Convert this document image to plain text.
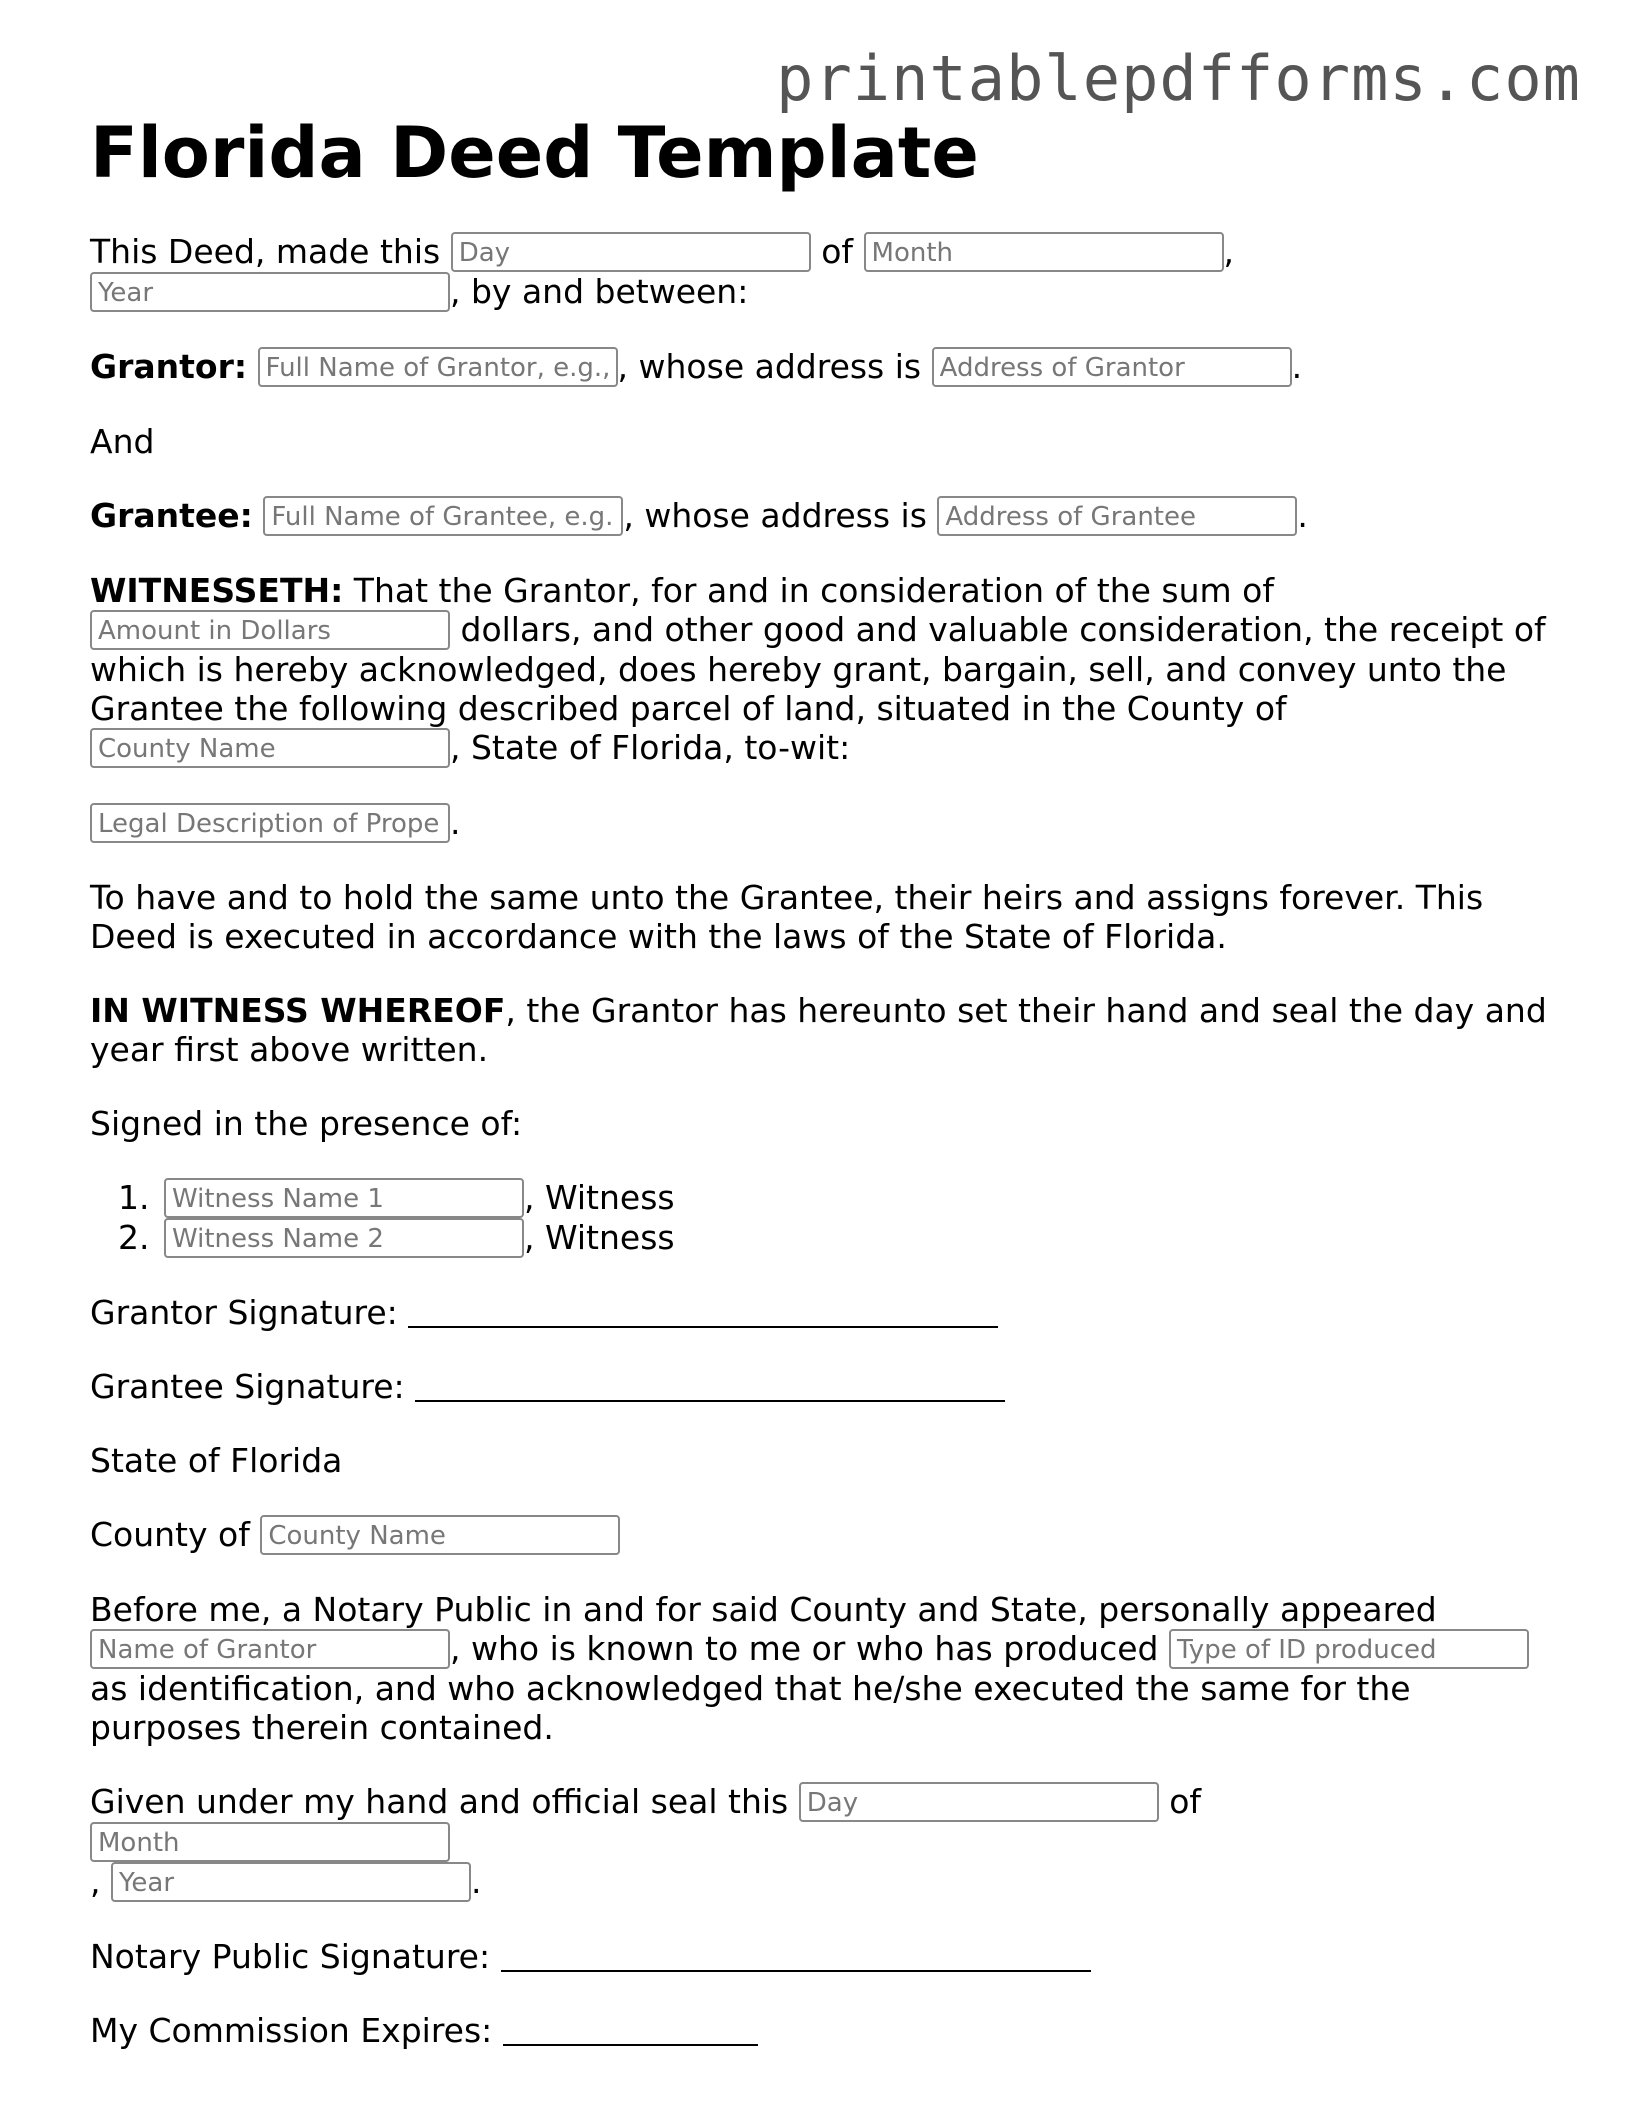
printablepdfforms.com
Florida Deed Template

This Deed, made this Day	of Month	,
Year	, by and between:

Grantor: Full Name of Grantor, e.g., , whose address is Address of Grantor	.

And

Grantee: Full Name of Grantee, e.g. , whose address is Address of Grantee	.

WITNESSETH: That the Grantor, for and in consideration of the sum of
Amount in Dollars	dollars, and other good and valuable consideration, the receipt of which is hereby acknowledged, does hereby grant, bargain, sell, and convey unto the Grantee the following described parcel of land, situated in the County of
County Name	, State of Florida, to-wit:

Legal Description of Prope .

To have and to hold the same unto the Grantee, their heirs and assigns forever. This Deed is executed in accordance with the laws of the State of Florida.

IN WITNESS WHEREOF, the Grantor has hereunto set their hand and seal the day and year first above written.

Signed in the presence of:

1. Witness Name 1	, Witness
2. Witness Name 2	, Witness

Grantor Signature:

Grantee Signature:

State of Florida

County of County Name

Before me, a Notary Public in and for said County and State, personally appeared
Name of Grantor	, who is known to me or who has produced Type of ID produced
as identification, and who acknowledged that he/she executed the same for the purposes therein contained.

Given under my hand and official seal this Day	of Month
, Year	.

Notary Public Signature:

My Commission Expires:
